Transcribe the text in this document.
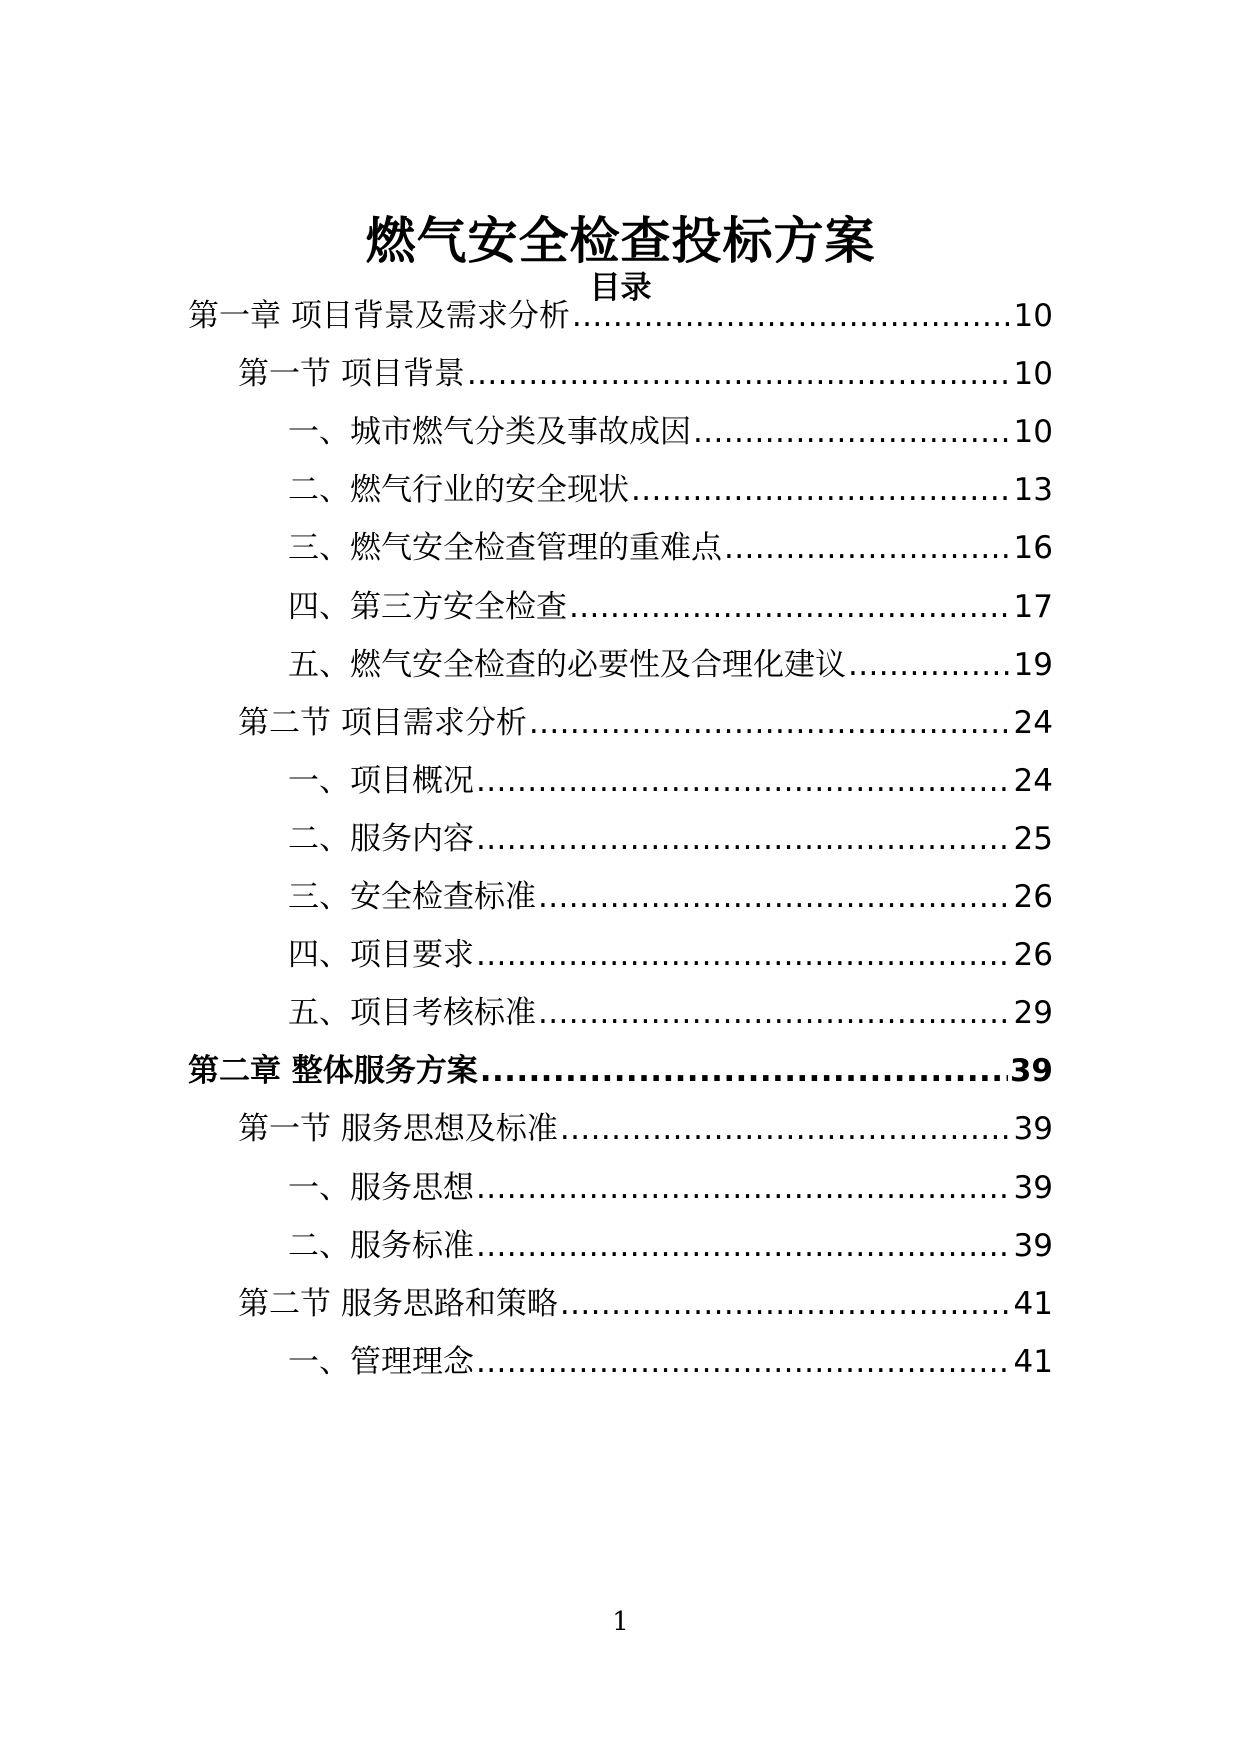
燃气安全检查投标方案
目录
第一章 项目背景及需求分析 .....	10
第一节 项目背景 .....	10
一、城市燃气分类及事故成因 .....	10
二、燃气行业的安全现状 .....	13
三、燃气安全检查管理的重难点 .....	16
四、第三方安全检查 .....	17
五、燃气安全检查的必要性及合理化建议 .....	19
第二节 项目需求分析 .....	24
一、项目概况 .....	24
二、服务内容 .....	25
三、安全检查标准 .....	26
四、项目要求 .....	26
五、项目考核标准 .....	29
第二章 整体服务方案 .....	39
第一节 服务思想及标准 .....	39
一、服务思想 .....	39
二、服务标准 .....	39
第二节 服务思路和策略 .....	41
一、管理理念 .....	41
1
